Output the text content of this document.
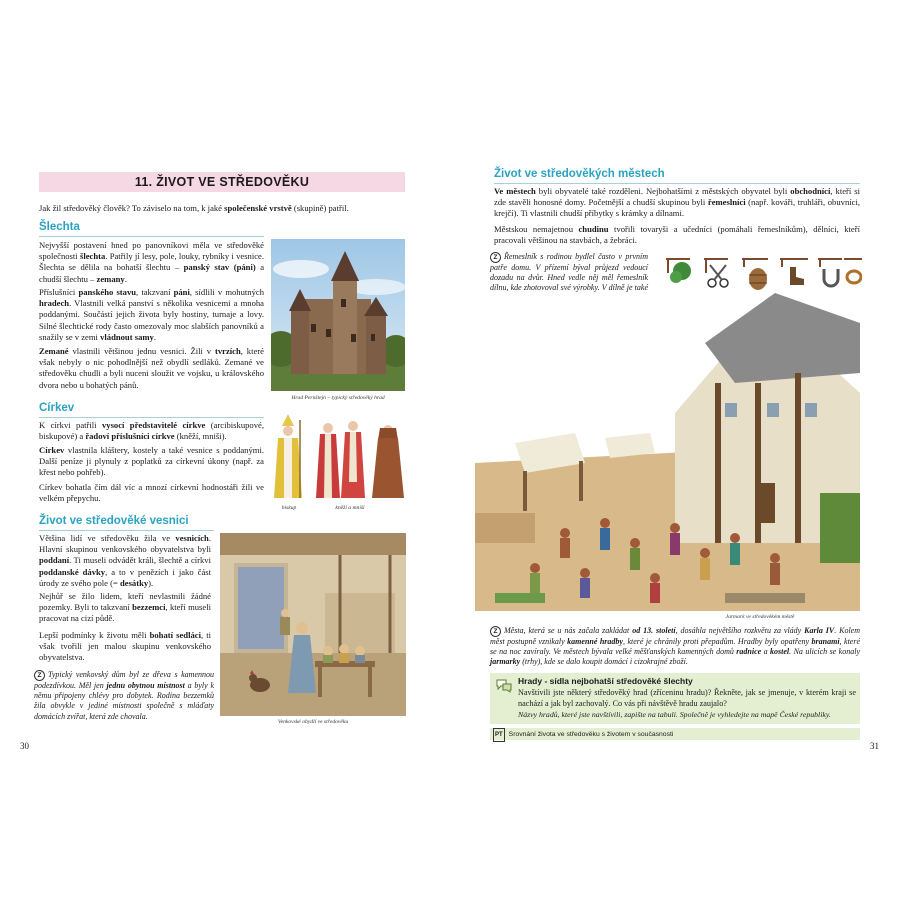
11. ŽIVOT VE STŘEDOVĚKU

Jak žil středověký člověk? To záviselo na tom, k jaké společenské vrstvě (skupině) patřil.

Šlechta

Nejvyšší postavení hned po panovníkovi měla ve středověké společnosti šlechta. Patřily jí lesy, pole, louky, rybníky i vesnice. Šlechta se dělila na bohatší šlechtu – panský stav (páni) a chudší šlechtu – zemany.

Příslušníci panského stavu, takzvaní páni, sídlili v mohutných hradech. Vlastnili velká panství s několika vesnicemi a mnoha poddanými. Součástí jejich života byly hostiny, turnaje a lovy. Silné šlechtické rody často omezovaly moc slabších panovníků a snažily se v zemi vládnout samy.

Zemané vlastnili většinou jednu vesnici. Žili v tvrzích, které však nebyly o nic pohodlnější než obydlí sedláků. Zemané ve středověku chudli a byli nuceni sloužit ve vojsku, u královského dvora nebo u bohatých pánů.

Hrad Pernštejn – typický středověký hrad
Církev

K církvi patřili vysocí představitelé církve (arcibiskupové, biskupové) a řadoví příslušníci církve (kněží, mniši).

Církev vlastnila kláštery, kostely a také vesnice s poddanými. Další peníze ji plynuly z poplatků za církevní úkony (např. za křest nebo pohřeb).

Církev bohatla čím dál víc a mnozí církevní hodnostáři žili ve velkém přepychu.

biskup	kněží a mniši
Život ve středověké vesnici

Většina lidí ve středověku žila ve vesnicích. Hlavní skupinou venkovského obyvatelstva byli poddaní. Ti museli odvádět králi, šlechtě a církvi poddanské dávky, a to v penězích i jako část úrody ze svého pole (= desátky).

Nejhůř se žilo lidem, kteří nevlastnili žádné pozemky. Byli to takzvaní bezzemci, kteří museli pracovat na cizí půdě.

Lepší podmínky k životu měli bohatí sedláci, ti však tvořili jen malou skupinu venkovského obyvatelstva.

Z Typický venkovský dům byl ze dřeva s kamennou podezdívkou. Měl jen jednu obytnou místnost a byly k němu připojeny chlévy pro dobytek. Rodina bezzemků žila obvykle v jediné místnosti společně s mláďaty domácích zvířat, která zde chovala.
Venkovské obydlí ve středověku
30
Život ve středověkých městech

Ve městech byli obyvatelé také rozděleni. Nejbohatšími z městských obyvatel byli obchodníci, kteří si zde stavěli honosné domy. Početnější a chudší skupinou byli řemeslníci (např. kováři, truhláři, obuvníci, krejčí). Ti vlastnili chudší příbytky s krámky a dílnami.

Městskou nemajetnou chudinu tvořili tovaryši a učedníci (pomáhali řemeslníkům), dělníci, kteří pracovali většinou na stavbách, a žebráci.

Z Řemeslník s rodinou bydlel často v prvním patře domu. V přízemí býval průjezd vedoucí dozadu na dvůr. Hned vedle něj měl řemeslník dílnu, kde zhotovoval své výrobky. V dílně je také

Jarmark ve středověkém městě
Z Města, která se u nás začala zakládat od 13. století, dosáhla největšího rozkvětu za vlády Karla IV. Kolem měst postupně vznikaly kamenné hradby, které je chránily proti přepadům. Hradby byly opatřeny branami, které se na noc zavíraly. Ve městech bývala velké měšťanských kamenných domů radnice a kostel. Na ulicích se konaly jarmarky (trhy), kde se dalo koupit domácí i cizokrajné zboží.
Hrady - sídla nejbohatší středověké šlechty

Navštívili jste některý středověký hrad (zříceninu hradu)? Řekněte, jak se jmenuje, v kterém kraji se nachází a jak byl zachovalý. Co vás při návštěvě hradu zaujalo?

Názvy hradů, které jste navštívili, zapište na tabuli. Společně je vyhledejte na mapě České republiky.

PT Srovnání života ve středověku s životem v současnosti
31
